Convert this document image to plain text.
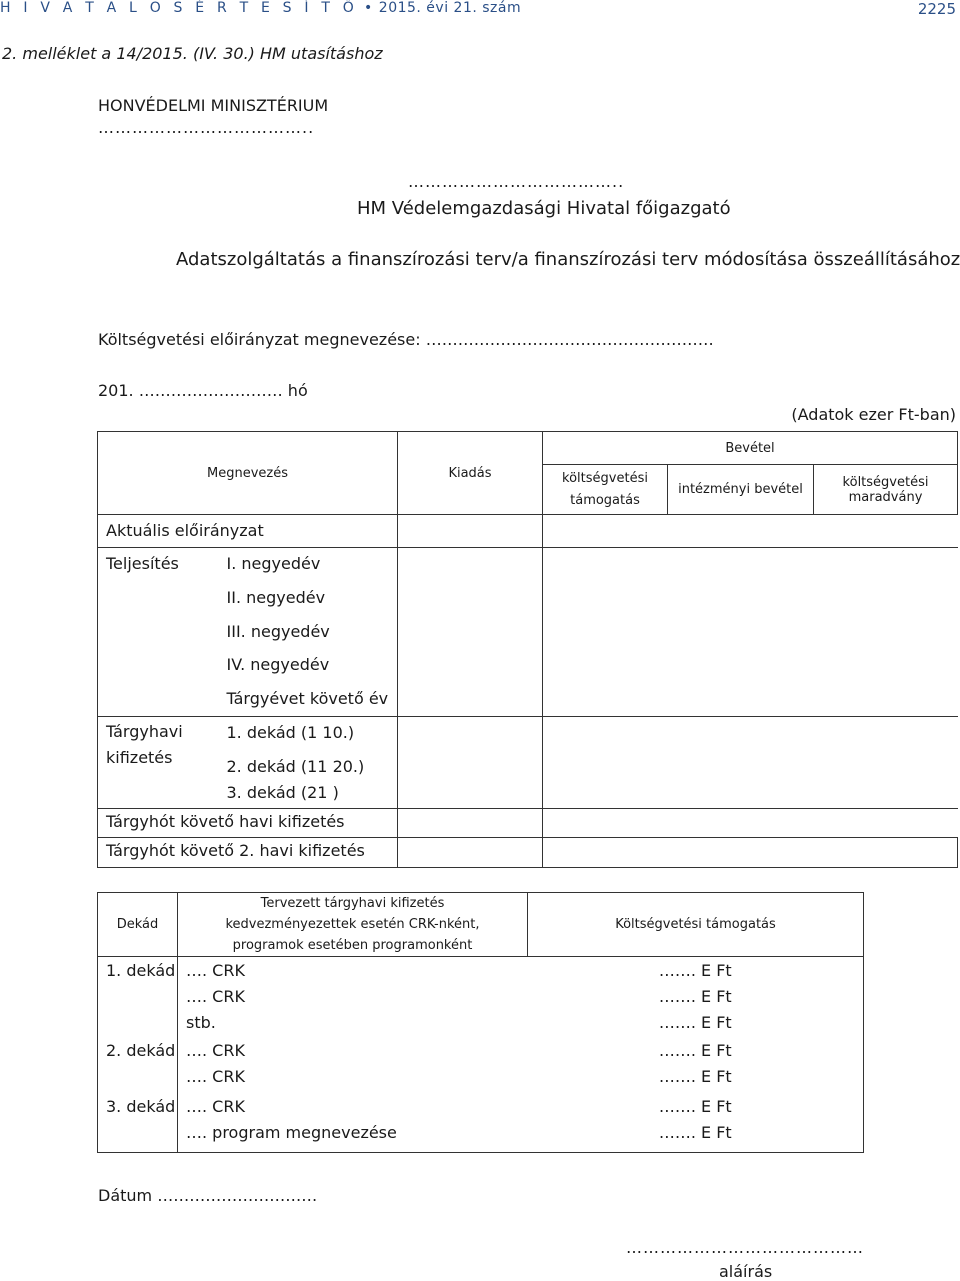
H I V A T A L O S É R T E S Í T Ő • 2015. évi 21. szám	2225
2. melléklet a 14/2015. (IV. 30.) HM utasításhoz
HONVÉDELMI MINISZTÉRIUM
………………………………..
………………………………..
HM Védelemgazdasági Hivatal főigazgató
Adatszolgáltatás a finanszírozási terv/a finanszírozási terv módosítása összeállításához
Költségvetési előirányzat megnevezése: ………………………………………………
201. ……………………… hó
(Adatok ezer Ft-ban)
Megnevezés		Kiadás	Bevétel		
			költségvetési támogatás	intézményi bevétel	költségvetési maradvány
Aktuális előirányzat					
Teljesítés	I. negyedév				
	II. negyedév				
	III. negyedév				
	IV. negyedév				
	Tárgyévet követő év				

Tárgyhavi kifizetés	1. dekád (1 10.)				
	2. dekád (11 20.)				
	3. dekád (21 )				
Tárgyhót követő havi kifizetés					
Tárgyhót követő 2. havi kifizetés					
Dekád	Tervezett tárgyhavi kifizetés kedvezményezettek esetén CRK-nként, programok esetében programonként	Költségvetési támogatás
1. dekád	…. CRK	……. E Ft
	…. CRK	……. E Ft
	stb.	……. E Ft
2. dekád	…. CRK	……. E Ft
	…. CRK	……. E Ft
3. dekád	…. CRK	……. E Ft
	…. program megnevezése	……. E Ft
Dátum …………………………
……………………………………
aláírás
